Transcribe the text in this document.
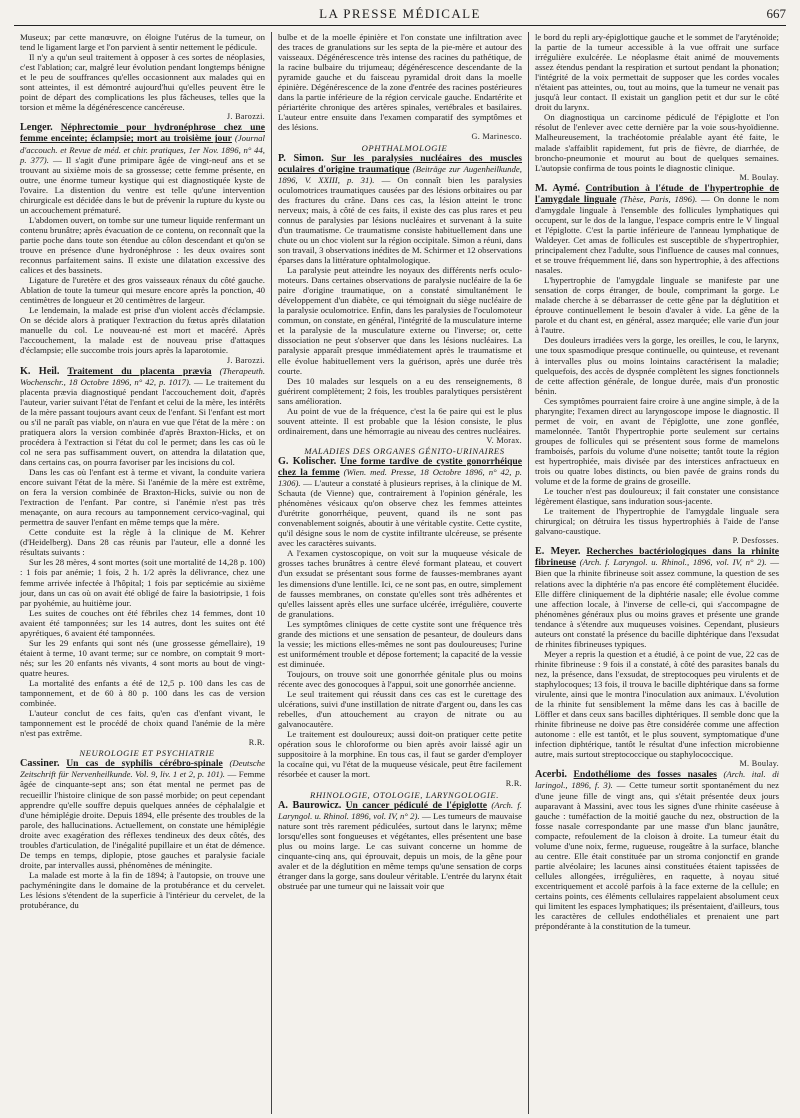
LA PRESSE MÉDICALE	667

Museux; par cette manœuvre, on éloigne l'utérus de la tumeur, on tend le ligament large et l'on parvient à sentir nettement le pédicule.

Il n'y a qu'un seul traitement à opposer à ces sortes de néoplasies, c'est l'ablation; car, malgré leur évolution pendant longtemps bénigne et le peu de souffrances qu'elles occasionnent aux malades qui en sont atteintes, il est démontré aujourd'hui qu'elles peuvent être le point de départ des complications les plus fâcheuses, telles que la torsion et même la dégénérescence cancéreuse.

J. Barozzi.

Lenger. Néphrectomie pour hydronéphrose chez une femme enceinte; éclampsie; mort au troisième jour (Journal d'accouch. et Revue de méd. et chir. pratiques, 1er Nov. 1896, n° 44, p. 377). — Il s'agit d'une primipare âgée de vingt-neuf ans et se trouvant au sixième mois de sa grossesse; cette femme présente, en outre, une énorme tumeur kystique qui est diagnostiquée kyste de l'ovaire. La distention du ventre est telle qu'une intervention chirurgicale est décidée dans le but de prévenir la rupture du kyste ou un accouchement prématuré.

L'abdomen ouvert, on tombe sur une tumeur liquide renfermant un contenu brunâtre; après évacuation de ce contenu, on reconnaît que la partie poche dans toute son étendue au côlon descendant et qu'on se trouve en présence d'une hydronéphrose : les deux ovaires sont reconnus parfaitement sains. Il existe une dilatation excessive des calices et des bassinets.

Ligature de l'uretère et des gros vaisseaux rénaux du côté gauche. Ablation de toute la tumeur qui mesure encore après la ponction, 40 centimètres de longueur et 20 centimètres de largeur.

Le lendemain, la malade est prise d'un violent accès d'éclampsie. On se décide alors à pratiquer l'extraction du fœtus après dilatation manuelle du col. Le nouveau-né est mort et macéré. Après l'accouchement, la malade est de nouveau prise d'attaques d'éclampsie; elle succombe trois jours après la laparotomie.

J. Barozzi.

K. Heil. Traitement du placenta prævia (Therapeuth. Wochenschr., 18 Octobre 1896, n° 42, p. 1017). — Le traitement du placenta prævia diagnostiqué pendant l'accouchement doit, d'après l'auteur, varier suivant l'état de l'enfant et celui de la mère, les intérêts de la mère passant toujours avant ceux de l'enfant. Si l'enfant est mort ou s'il ne paraît pas viable, on n'aura en vue que l'état de la mère : on pratiquera alors la version combinée d'après Braxton-Hicks, et on procédera à l'extraction si l'état du col le permet; dans les cas où le col ne sera pas suffisamment ouvert, on attendra la dilatation que, dans certains cas, on pourra favoriser par les incisions du col.

Dans les cas où l'enfant est à terme et vivant, la conduite variera encore suivant l'état de la mère. Si l'anémie de la mère est extrême, on fera la version combinée de Braxton-Hicks, suivie ou non de l'extraction de l'enfant. Par contre, si l'anémie n'est pas très menaçante, on aura recours au tamponnement cervico-vaginal, qui permettra de sauver l'enfant en même temps que la mère.

Cette conduite est la règle à la clinique de M. Kehrer (d'Heidelberg). Dans 28 cas réunis par l'auteur, elle a donné les résultats suivants :

Sur les 28 mères, 4 sont mortes (soit une mortalité de 14,28 p. 100) : 1 fois par anémie; 1 fois, 2 h. 1/2 après la délivrance, chez une femme arrivée infectée à l'hôpital; 1 fois par septicémie au sixième jour, dans un cas où on avait été obligé de faire la basiotripsie, 1 fois par pyohémie, au huitième jour.

Les suites de couches ont été fébriles chez 14 femmes, dont 10 avaient été tamponnées; sur les 14 autres, dont les suites ont été apyrétiques, 6 avaient été tamponnées.

Sur les 29 enfants qui sont nés (une grossesse gémellaire), 19 étaient à terme, 10 avant terme; sur ce nombre, on comptait 9 mort-nés; sur les 20 enfants nés vivants, 4 sont morts au bout de vingt-quatre heures.

La mortalité des enfants a été de 12,5 p. 100 dans les cas de tamponnement, et de 60 à 80 p. 100 dans les cas de version combinée.

L'auteur conclut de ces faits, qu'en cas d'enfant vivant, le tamponnement est le procédé de choix quand l'anémie de la mère n'est pas extrême.

R.R.

NEUROLOGIE ET PSYCHIATRIE

Cassiner. Un cas de syphilis cérébro-spinale (Deutsche Zeitschrift für Nervenheilkunde. Vol. 9, liv. 1 et 2, p. 101). — Femme âgée de cinquante-sept ans; son état mental ne permet pas de recueillir l'histoire clinique de son passé morbide; on peut cependant apprendre qu'elle souffre depuis quelques années de céphalalgie et d'une hémiplégie droite. Depuis 1894, elle présente des troubles de la parole, des hallucinations. Actuellement, on constate une hémiplégie droite avec exagération des réflexes tendineux des deux côtés, des troubles d'articulation, de l'inégalité pupillaire et un état de démence. De temps en temps, diplopie, ptose gauches et paralysie faciale droite, par intervalles aussi, phénomènes de méningite.

La malade est morte à la fin de 1894; à l'autopsie, on trouve une pachyméningite dans le domaine de la protubérance et du cervelet. Les lésions s'étendent de la superficie à l'intérieur du cervelet, de la protubérance, du

bulbe et de la moelle épinière et l'on constate une infiltration avec des traces de granulations sur les septa de la pie-mère et autour des vaisseaux. Dégénérescence très intense des racines du pathétique, de la racine bulbaire du trijumeau; dégénérescence descendante de la pyramide gauche et du faisceau pyramidal droit dans la moelle épinière. Dégénérescence de la zone d'entrée des racines postérieures dans la partie inférieure de la région cervicale gauche. Endartérite et périartérite chronique des artères spinales, vertébrales et basilaires. L'auteur entre ensuite dans l'examen comparatif des symptômes et des lésions.

G. Marinesco.

OPHTHALMOLOGIE

P. Simon. Sur les paralysies nucléaires des muscles oculaires d'origine traumatique (Beiträge zur Augenheilkunde, 1896, V. XXIII, p. 31). — On connaît bien les paralysies oculomotrices traumatiques causées par des lésions orbitaires ou par des fractures du crâne. Dans ces cas, la lésion atteint le tronc nerveux; mais, à côté de ces faits, il existe des cas plus rares et peu connus de paralysies par lésions nucléaires et survenant à la suite d'un traumatisme. Ce traumatisme consiste habituellement dans une chute ou un choc violent sur la région occipitale. Simon a réuni, dans son travail, 3 observations inédites de M. Schirmer et 12 observations éparses dans la littérature ophtalmologique.

La paralysie peut atteindre les noyaux des différents nerfs oculo-moteurs. Dans certaines observations de paralysie nucléaire de la 6e paire d'origine traumatique, on a constaté simultanément le développement d'un diabète, ce qui témoignait du siège nucléaire de la paralysie oculomotrice. Enfin, dans les paralysies de l'oculomoteur commun, on constate, en général, l'intégrité de la musculature interne et la paralysie de la musculature externe ou l'inverse; or, cette dissociation ne peut s'observer que dans les lésions nucléaires. La paralysie apparaît presque immédiatement après le traumatisme et elle évolue habituellement vers la guérison, après une durée très courte.

Des 10 malades sur lesquels on a eu des renseignements, 8 guérirent complètement; 2 fois, les troubles paralytiques persistèrent sans amélioration.

Au point de vue de la fréquence, c'est la 6e paire qui est le plus souvent atteinte. Il est probable que la lésion consiste, le plus ordinairement, dans une hémorragie au niveau des centres nucléaires.

V. Morax.

MALADIES DES ORGANES GÉNITO-URINAIRES

G. Kolischer. Une forme tardive de cystite gonorrhéique chez la femme (Wien. med. Presse, 18 Octobre 1896, n° 42, p. 1306). — L'auteur a constaté à plusieurs reprises, à la clinique de M. Schauta (de Vienne) que, contrairement à l'opinion générale, les phénomènes vésicaux qu'on observe chez les femmes atteintes d'urétrite gonorrhéique, peuvent, quand ils ne sont pas convenablement soignés, aboutir à une véritable cystite. Cette cystite, qu'il désigne sous le nom de cystite infiltrante ulcéreuse, se présente avec les caractères suivants.

A l'examen cystoscopique, on voit sur la muqueuse vésicale de grosses taches brunâtres à centre élevé formant plateau, et couvert d'un exsudat se présentant sous forme de fausses-membranes ayant les dimensions d'une lentille. Ici, ce ne sont pas, en outre, simplement de fausses membranes, on constate qu'elles sont très adhérentes et qu'elles laissent après elles une surface ulcérée, irrégulière, couverte de granulations.

Les symptômes cliniques de cette cystite sont une fréquence très grande des mictions et une sensation de pesanteur, de douleurs dans la vessie; les mictions elles-mêmes ne sont pas douloureuses; l'urine est uniformément trouble et dépose fortement; la capacité de la vessie est diminuée.

Toujours, on trouve soit une gonorrhée génitale plus ou moins récente avec des gonocoques à l'appui, soit une gonorrhée ancienne.

Le seul traitement qui réussit dans ces cas est le curettage des ulcérations, suivi d'une instillation de nitrate d'argent ou, dans les cas rebelles, d'un attouchement au crayon de nitrate ou au galvanocautère.

Le traitement est douloureux; aussi doit-on pratiquer cette petite opération sous le chloroforme ou bien après avoir laissé agir un suppositoire à la morphine. En tous cas, il faut se garder d'employer la cocaïne qui, vu l'état de la muqueuse vésicale, peut être facilement résorbée et causer la mort.

R.R.

RHINOLOGIE, OTOLOGIE, LARYNGOLOGIE.

A. Baurowicz. Un cancer pédiculé de l'épiglotte (Arch. f. Laryngol. u. Rhinol. 1896, vol. IV, n° 2). — Les tumeurs de mauvaise nature sont très rarement pédiculées, surtout dans le larynx; même lorsqu'elles sont fongueuses et végétantes, elles présentent une base plus ou moins large. Le cas suivant concerne un homme de cinquante-cinq ans, qui éprouvait, depuis un mois, de la gêne pour avaler et de la déglutition en même temps qu'une sensation de corps étranger dans la gorge, sans douleur véritable. L'entrée du larynx était obstruée par une tumeur qui ne laissait voir que

le bord du repli ary-épiglottique gauche et le sommet de l'aryténoïde; la partie de la tumeur accessible à la vue offrait une surface irrégulière exulcérée. Le néoplasme était animé de mouvements assez étendus pendant la respiration et surtout pendant la phonation; l'intégrité de la voix permettait de supposer que les cordes vocales n'étaient pas atteintes, ou, tout au moins, que la tumeur ne venait pas jusqu'à leur contact. Il existait un ganglion petit et dur sur le côté droit du larynx.

On diagnostiqua un carcinome pédiculé de l'épiglotte et l'on résolut de l'enlever avec cette dernière par la voie sous-hyoïdienne. Malheureusement, la trachéotomie préalable ayant été faite, le malade s'affaiblit rapidement, fut pris de fièvre, de diarrhée, de broncho-pneumonie et mourut au bout de quelques semaines. L'autopsie confirma de tous points le diagnostic clinique.

M. Boulay.

M. Aymé. Contribution à l'étude de l'hypertrophie de l'amygdale linguale (Thèse, Paris, 1896). — On donne le nom d'amygdale linguale à l'ensemble des follicules lymphatiques qui occupent, sur le dos de la langue, l'espace compris entre le V lingual et l'épiglotte. C'est la partie inférieure de l'anneau lymphatique de Waldeyer. Cet amas de follicules est susceptible de s'hypertrophier, principalement chez l'adulte, sous l'influence de causes mal connues, et se trouve fréquemment lié, dans son hypertrophie, à des affections nasales.

L'hypertrophie de l'amygdale linguale se manifeste par une sensation de corps étranger, de boule, comprimant la gorge. Le malade cherche à se débarrasser de cette gêne par la déglutition et éprouve continuellement le besoin d'avaler à vide. La gêne de la parole et du chant est, en général, assez marquée; elle varie d'un jour à l'autre.

Des douleurs irradiées vers la gorge, les oreilles, le cou, le larynx, une toux spasmodique presque continuelle, ou quinteuse, et revenant à intervalles plus ou moins lointains caractérisent la maladie; quelquefois, des accès de dyspnée complètent les signes fonctionnels de cette affection générale, de longue durée, mais d'un pronostic bénin.

Ces symptômes pourraient faire croire à une angine simple, à de la pharyngite; l'examen direct au laryngoscope impose le diagnostic. Il permet de voir, en avant de l'épiglotte, une zone gonflée, mamelonnée. Tantôt l'hypertrophie porte seulement sur certains groupes de follicules qui se présentent sous forme de mamelons framboisés, parfois du volume d'une noisette; tantôt toute la région est hypertrophiée, mais divisée par des interstices anfractueux en trois ou quatre lobes distincts, ou bien pavée de grains ronds du volume et de la forme de grains de groseille.

Le toucher n'est pas douloureux; il fait constater une consistance légèrement élastique, sans induration sous-jacente.

Le traitement de l'hypertrophie de l'amygdale linguale sera chirurgical; on détruira les tissus hypertrophiés à l'aide de l'anse galvano-caustique.

P. Desfosses.

E. Meyer. Recherches bactériologiques dans la rhinite fibrineuse (Arch. f. Laryngol. u. Rhinol., 1896, vol. IV, n° 2). — Bien que la rhinite fibrineuse soit assez commune, la question de ses relations avec la diphtérie n'a pas encore été complètement élucidée. Elle diffère cliniquement de la diphtérie nasale; elle évolue comme une affection locale, à l'inverse de celle-ci, qui s'accompagne de phénomènes généraux plus ou moins graves et présente une grande tendance à s'étendre aux muqueuses voisines. Cependant, plusieurs auteurs ont constaté la présence du bacille diphtérique dans l'exsudat de rhinites fibrineuses typiques.

Meyer a repris la question et a étudié, à ce point de vue, 22 cas de rhinite fibrineuse : 9 fois il a constaté, à côté des parasites banals du nez, la présence, dans l'exsudat, de streptocoques peu virulents et de staphylocoques; 13 fois, il trouva le bacille diphtérique dans sa forme virulente, ainsi que le montra l'inoculation aux animaux. L'évolution de la rhinite fut sensiblement la même dans les cas à bacille de Löffler et dans ceux sans bacilles diphtériques. Il semble donc que la rhinite fibrineuse ne doive pas être considérée comme une affection autonome : elle est tantôt, et le plus souvent, symptomatique d'une infection diphtérique, tantôt le résultat d'une infection microbienne autre, mais surtout streptococcique ou staphylococcique.

M. Boulay.

Acerbi. Endothéliome des fosses nasales (Arch. ital. di laringol., 1896, f. 3). — Cette tumeur sortit spontanément du nez d'une jeune fille de vingt ans, qui s'était présentée deux jours auparavant à Massini, avec tous les signes d'une rhinite caséeuse à gauche : tuméfaction de la moitié gauche du nez, obstruction de la fosse nasale correspondante par une masse d'un blanc jaunâtre, compacte, refoulement de la cloison à droite. La tumeur était du volume d'une noix, ferme, rugueuse, rougeâtre à la surface, blanche au centre. Elle était constituée par un stroma conjonctif en grande partie alvéolaire; les lacunes ainsi constituées étaient tapissées de cellules allongées, irrégulières, en raquette, à noyau situé excentriquement et accolé parfois à la face externe de la cellule; en certains points, ces éléments cellulaires rappelaient absolument ceux qui limitent les espaces lymphatiques; ils présentaient, d'ailleurs, tous les caractères de cellules endothéliales et prenaient une part prépondérante à la constitution de la tumeur.
